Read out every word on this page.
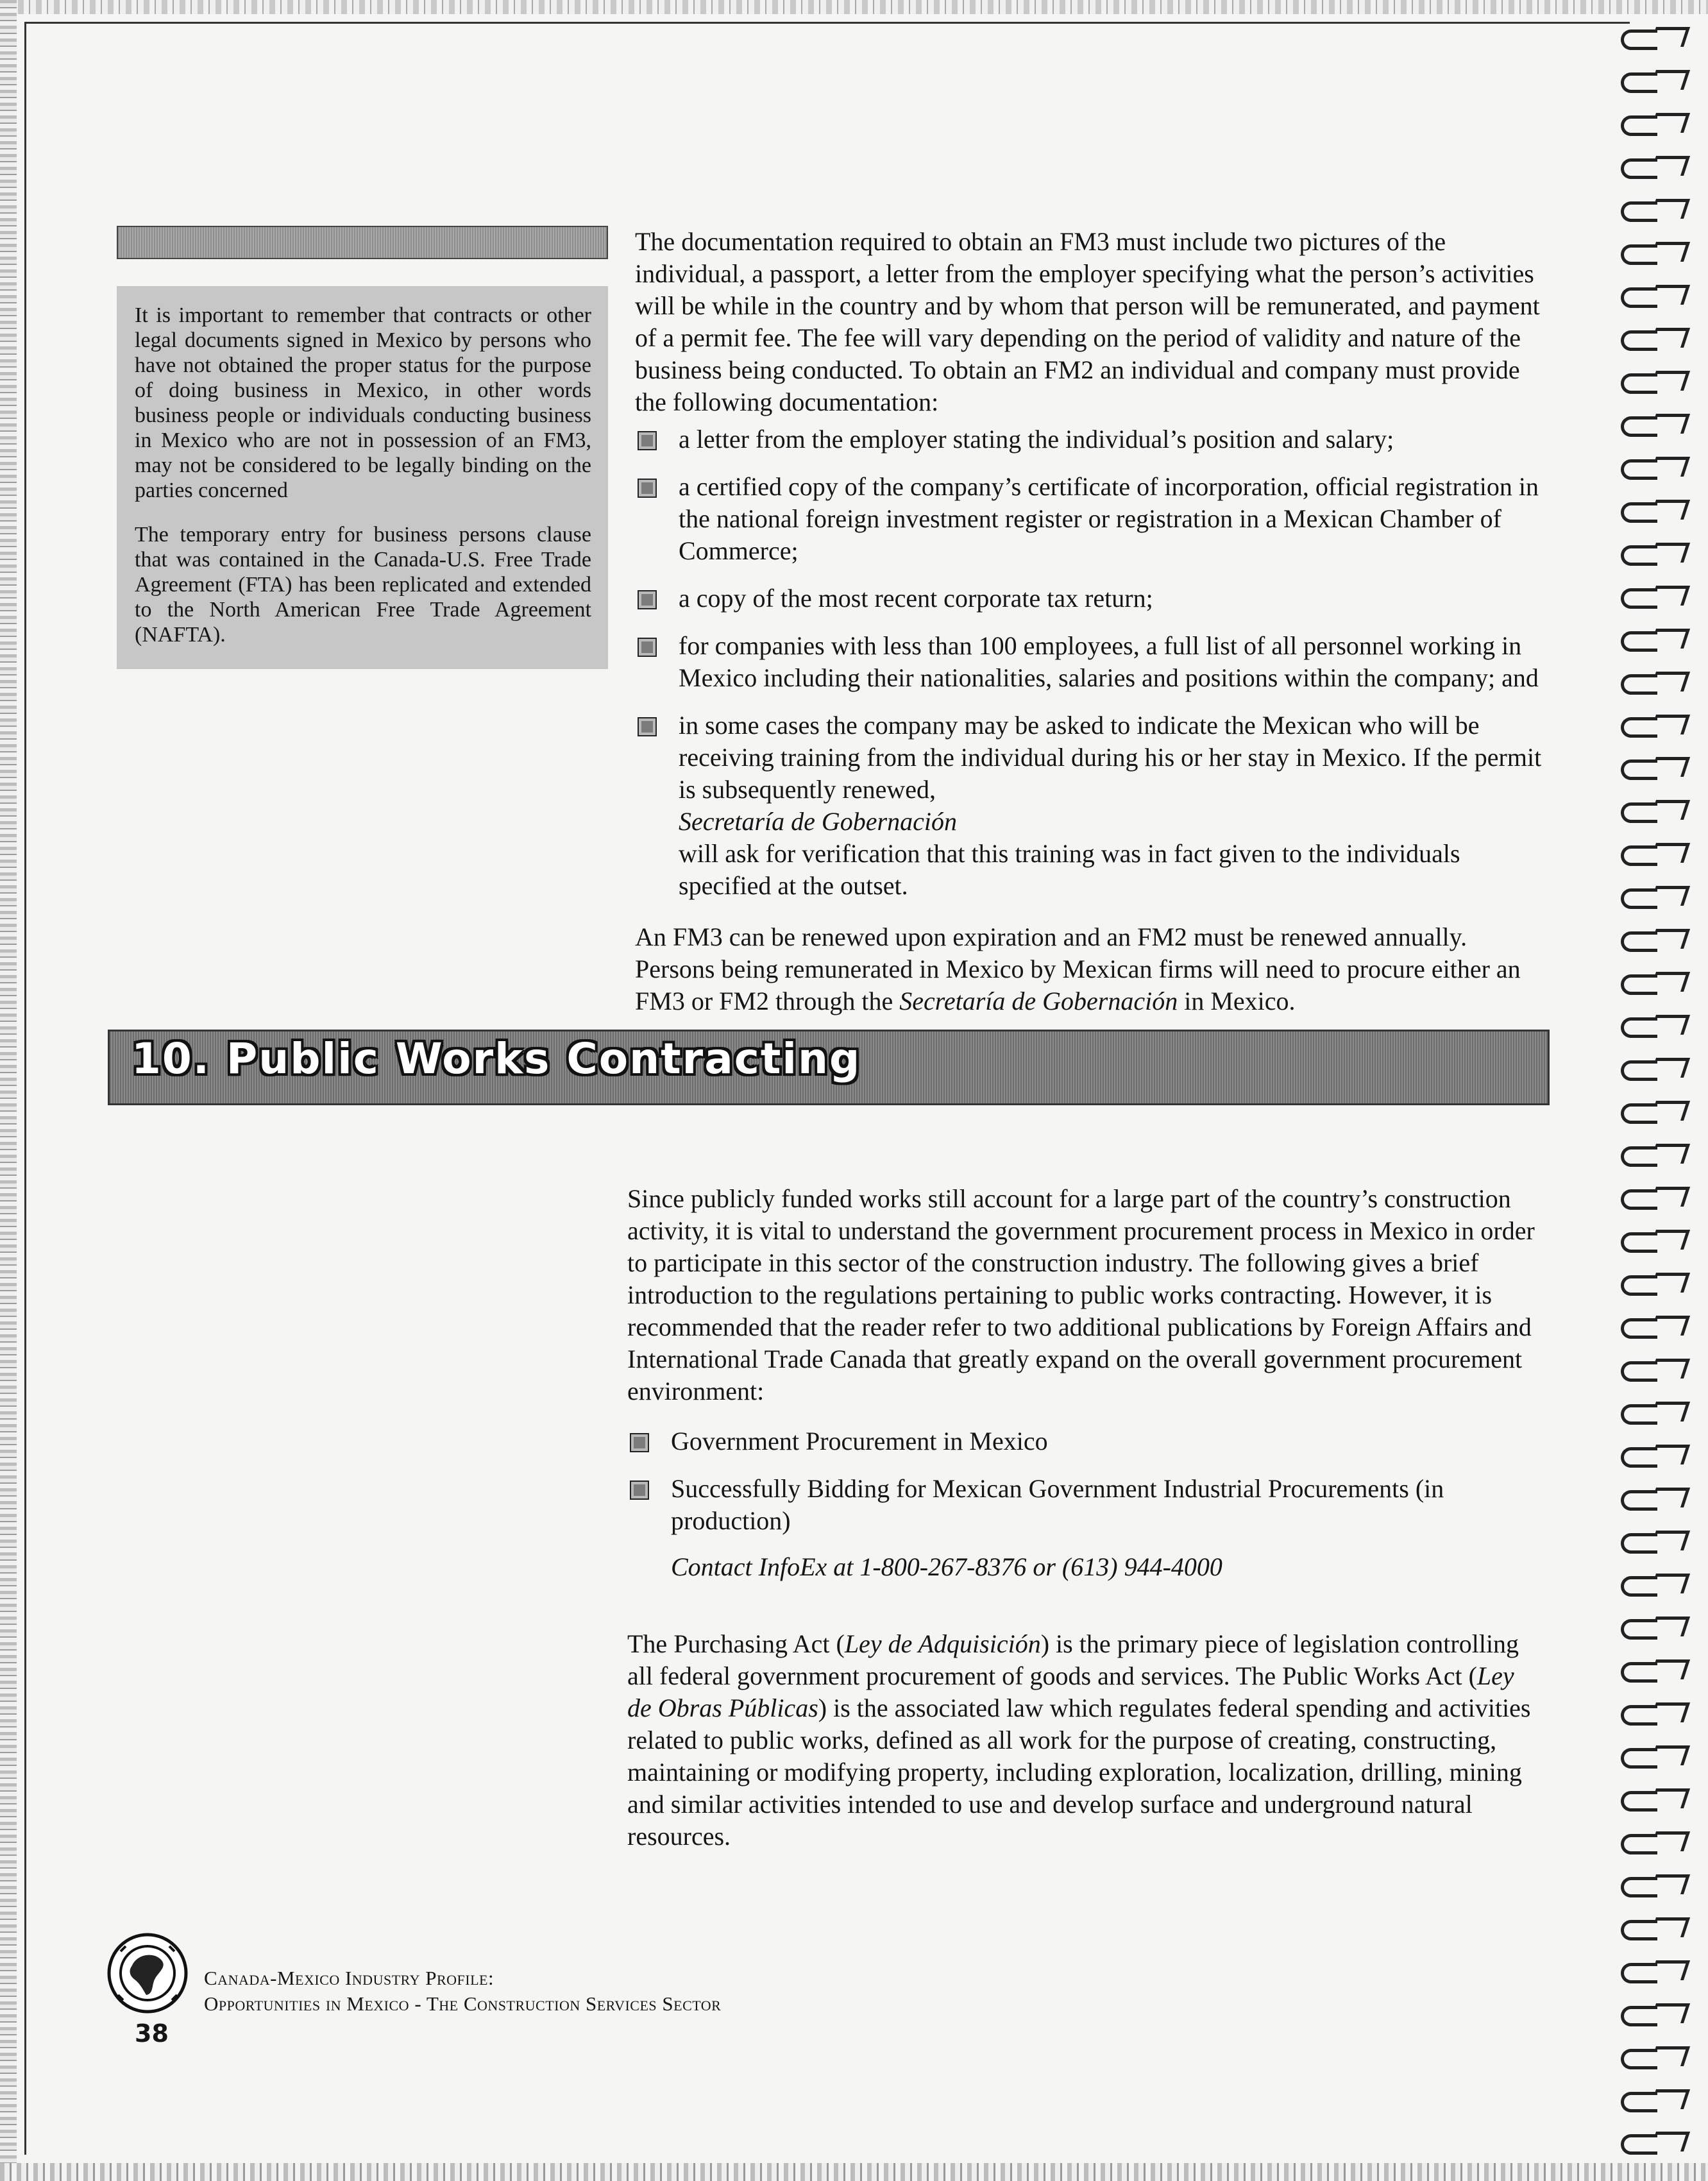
It is important to remember that contracts or other legal documents signed in Mexico by persons who have not obtained the proper status for the purpose of doing business in Mexico, in other words business people or individuals conducting business in Mexico who are not in possession of an FM3, may not be considered to be legally binding on the parties concerned

The temporary entry for business persons clause that was contained in the Canada-U.S. Free Trade Agreement (FTA) has been replicated and extended to the North American Free Trade Agreement (NAFTA).

The documentation required to obtain an FM3 must include two pictures of the individual, a passport, a letter from the employer specifying what the person’s activities will be while in the country and by whom that person will be remunerated, and payment of a permit fee. The fee will vary depending on the period of validity and nature of the business being conducted. To obtain an FM2 an individual and company must provide the following documentation:

a letter from the employer stating the individual’s position and salary;
a certified copy of the company’s certificate of incorporation, official registration in the national foreign investment register or registration in a Mexican Chamber of Commerce;
a copy of the most recent corporate tax return;
for companies with less than 100 employees, a full list of all personnel working in Mexico including their nationalities, salaries and positions within the company; and
in some cases the company may be asked to indicate the Mexican who will be receiving training from the individual during his or her stay in Mexico. If the permit is subsequently renewed,
Secretaría de Gobernación
will ask for verification that this training was in fact given to the individuals specified at the outset.

An FM3 can be renewed upon expiration and an FM2 must be renewed annually. Persons being remunerated in Mexico by Mexican firms will need to procure either an FM3 or FM2 through the Secretaría de Gobernación in Mexico.

10. Public Works Contracting

Since publicly funded works still account for a large part of the country’s construction activity, it is vital to understand the government procurement process in Mexico in order to participate in this sector of the construction industry. The following gives a brief introduction to the regulations pertaining to public works contracting. However, it is recommended that the reader refer to two additional publications by Foreign Affairs and International Trade Canada that greatly expand on the overall government procurement environment:

Government Procurement in Mexico
Successfully Bidding for Mexican Government Industrial Procurements (in production)
Contact InfoEx at 1-800-267-8376 or (613) 944-4000

The Purchasing Act (Ley de Adquisición) is the primary piece of legislation controlling all federal government procurement of goods and services. The Public Works Act (Ley de Obras Públicas) is the associated law which regulates federal spending and activities related to public works, defined as all work for the purpose of creating, constructing, maintaining or modifying property, including exploration, localization, drilling, mining and similar activities intended to use and develop surface and underground natural resources.

Canada-Mexico Industry Profile:
Opportunities in Mexico - The Construction Services Sector
38
